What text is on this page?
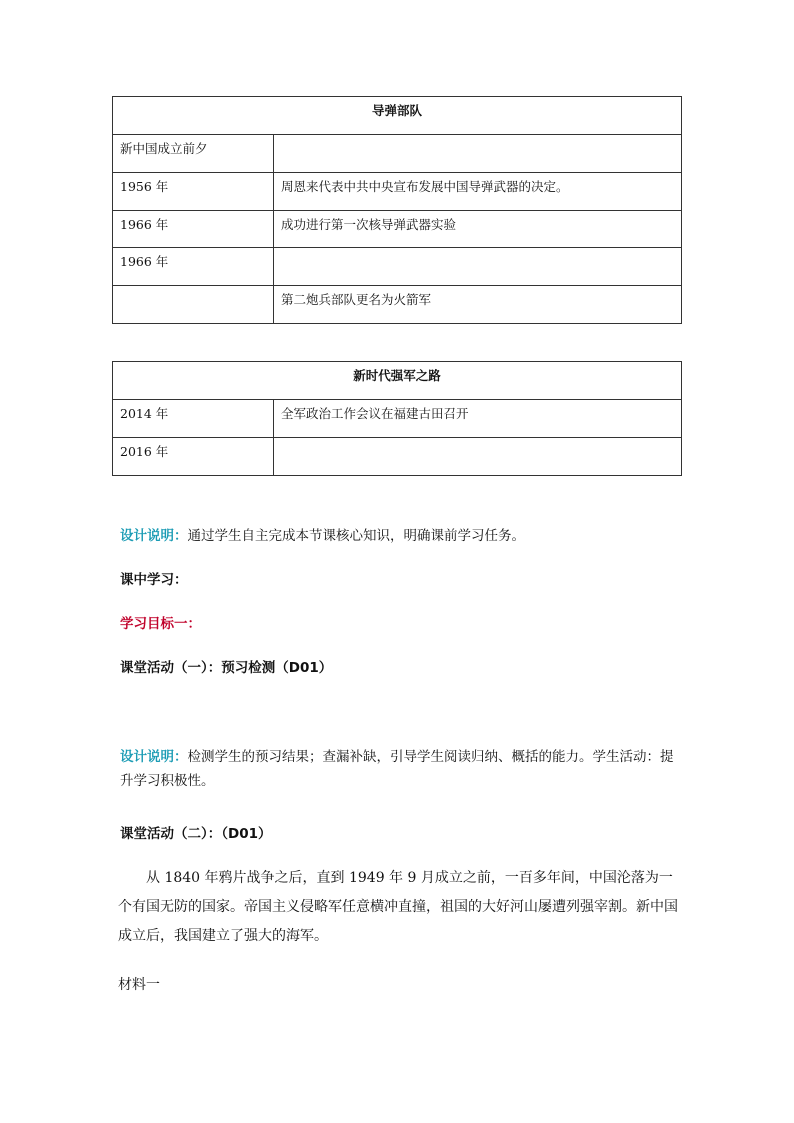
导弹部队	
新中国成立前夕	
1956 年	周恩来代表中共中央宣布发展中国导弹武器的决定。
1966 年	成功进行第一次核导弹武器实验
1966 年	
	第二炮兵部队更名为火箭军
新时代强军之路	
2014 年	全军政治工作会议在福建古田召开
2016 年	

设计说明：通过学生自主完成本节课核心知识，明确课前学习任务。

课中学习：

学习目标一：

课堂活动（一）：预习检测（D01）

设计说明：检测学生的预习结果；查漏补缺，引导学生阅读归纳、概括的能力。学生活动：提升学习积极性。

课堂活动（二）：（D01）

从 1840 年鸦片战争之后，直到 1949 年 9 月成立之前，一百多年间，中国沦落为一个有国无防的国家。帝国主义侵略军任意横冲直撞，祖国的大好河山屡遭列强宰割。新中国成立后，我国建立了强大的海军。

材料一
